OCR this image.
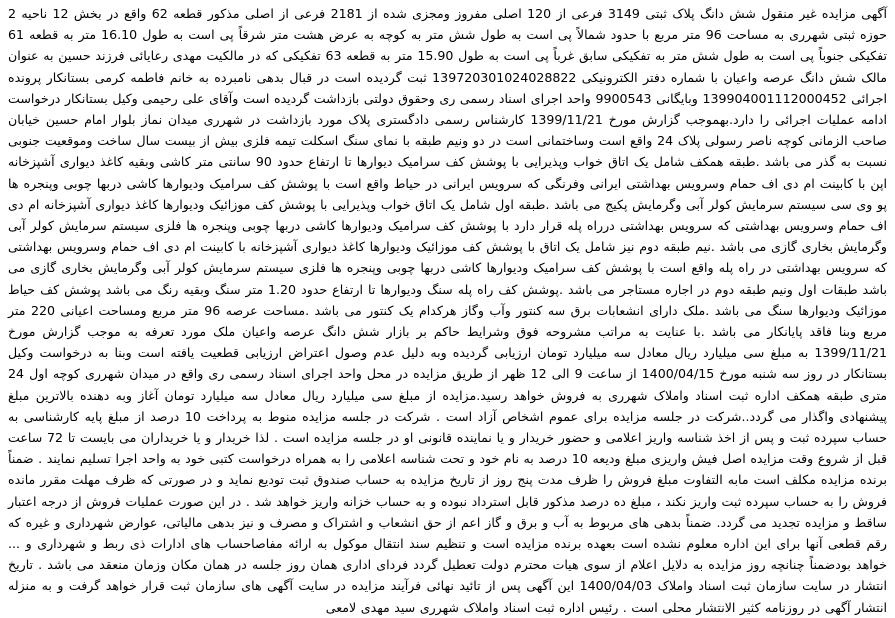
آگهی مزایده غیر منقول شش دانگ پلاک ثبتی 3149 فرعی از 120 اصلی مفروز ومجزی شده از 2181 فرعی از اصلی مذکور قطعه 62 واقع در بخش 12 ناحیه 2 حوزه ثبتی شهرری به مساحت 96 متر مربع با حدود شمالاً پی است به طول شش متر به کوچه به عرض هشت متر شرقاً پی است به طول 16.10 متر به قطعه 61 تفکیکی جنوباً پی است به طول شش متر به تفکیکی سابق غرباً پی است به طول 15.90 متر به قطعه 63 تفکیکی که در مالکیت مهدی رعایائی فرزند حسین به عنوان مالک شش دانگ عرصه واعیان با شماره دفتر الکترونیکی 139720301024028822 ثبت گردیده است در قبال بدهی نامبرده به خانم فاطمه کرمی بستانکار پرونده اجرائی 139904001112000452 وبایگانی 9900543 واحد اجرای اسناد رسمی ری وحقوق دولتی بازداشت گردیده است وآقای علی رحیمی وکیل بستانکار درخواست ادامه عملیات اجرائی را دارد.بهموجب گزارش مورخ 1399/11/21 کارشناس رسمی دادگستری پلاک مورد بازداشت در شهرری میدان نماز بلوار امام حسین خیابان صاحب الزمانی کوچه ناصر رسولی پلاک 24 واقع است وساختمانی است در دو ونیم طبقه با نمای سنگ اسکلت تیمه فلزی بیش از بیست سال ساخت وموقعیت جنوبی نسبت به گذر می باشد .طبقه همکف شامل یک اتاق خواب وپذیرایی با پوشش کف سرامیک دیوارها تا ارتفاع حدود 90 سانتی متر کاشی وبقیه کاغذ دیواری آشپزخانه اپن با کابینت ام دی اف حمام وسرویس بهداشتی ایرانی وفرنگی که سرویس ایرانی در حیاط واقع است با پوشش کف سرامیک ودیوارها کاشی دربها چوبی وپنجره ها پو وی سی سیستم سرمایش کولر آبی وگرمایش پکیج می باشد .طبقه اول شامل یک اتاق خواب وپذیرایی با پوشش کف موزائیک ودیوارها کاغذ دیواری آشپزخانه ام دی اف حمام وسرویس بهداشتی که سرویس بهداشتی درراه پله قرار دارد با پوشش کف سرامیک ودیوارها کاشی دربها چوبی وپنجره ها فلزی سیستم سرمایش کولر آبی وگرمایش بخاری گازی می باشد .نیم طبقه دوم نیز شامل یک اتاق با پوشش کف موزائیک ودیوارها کاغذ دیواری آشپزخانه با کابینت ام دی اف حمام وسرویس بهداشتی که سرویس بهداشتی در راه پله واقع است با پوشش کف سرامیک ودیوارها کاشی دربها چوبی وپنجره ها فلزی سیستم سرمایش کولر آبی وگرمایش بخاری گازی می باشد طبقات اول ونیم طبقه دوم در اجاره مستاجر می باشد .پوشش کف راه پله سنگ ودیوارها تا ارتفاع حدود 1.20 متر سنگ وبقیه رنگ می باشد پوشش کف حیاط موزائیک ودیوارها سنگ می باشد .ملک دارای انشعابات برق سه کنتور وآب وگاز هرکدام یک کنتور می باشد .مساحت عرصه 96 متر مربع ومساحت اعیانی 220 متر مربع وبنا فاقد پایانکار می باشد .با عنایت به مراتب مشروحه فوق وشرایط حاکم بر بازار شش دانگ عرصه واعیان ملک مورد تعرفه به موجب گزارش مورخ 1399/11/21 به مبلغ سی میلیارد ریال معادل سه میلیارد تومان ارزیابی گردیده وبه دلیل عدم وصول اعتراض ارزیابی قطعیت یافته است وبنا به درخواست وکیل بستانکار در روز سه شنبه مورخ 1400/04/15 از ساعت 9 الی 12 ظهر از طریق مزایده در محل واحد اجرای اسناد رسمی ری واقع در میدان شهرری کوچه اول 24 متری طبقه همکف اداره ثبت اسناد واملاک شهرری به فروش خواهد رسید.مزایده از مبلغ سی میلیارد ریال معادل سه میلیارد تومان آغاز وبه دهنده بالاترین مبلغ پیشنهادی واگذار می گردد..شرکت در جلسه مزایده برای عموم اشخاص آزاد است . شرکت در جلسه مزایده منوط به پرداخت 10 درصد از مبلغ پایه کارشناسی به حساب سپرده ثبت و پس از اخذ شناسه واریز اعلامی و حضور خریدار و یا نماینده قانونی او در جلسه مزایده است . لذا خریدار و یا خریداران می بایست تا 72 ساعت قبل از شروع وقت مزایده اصل فیش واریزی مبلغ ودیعه 10 درصد به نام خود و تحت شناسه اعلامی را به همراه درخواست کتبی خود به واحد اجرا تسلیم نمایند . ضمناً برنده مزایده مکلف است مابه التفاوت مبلغ فروش را ظرف مدت پنج روز از تاریخ مزایده به حساب صندوق ثبت تودیع نماید و در صورتی که ظرف مهلت مقرر مانده فروش را به حساب سپرده ثبت واریز نکند ، مبلغ ده درصد مذکور قابل استرداد نبوده و به حساب خزانه واریز خواهد شد . در این صورت عملیات فروش از درجه اعتبار ساقط و مزایده تجدید می گردد. ضمناً بدهی های مربوط به آب و برق و گاز اعم از حق انشعاب و اشتراک و مصرف و نیز بدهی مالیاتی، عوارض شهرداری و غیره که رقم قطعی آنها برای این اداره معلوم نشده است بعهده برنده مزایده است و تنظیم سند انتقال موکول به ارائه مفاصاحساب های ادارات ذی ربط و شهرداری و ... خواهد بودضمناً چنانچه روز مزایده به دلایل اعلام از سوی هیات محترم دولت تعطیل گردد فردای اداری همان روز جلسه در همان مکان وزمان منعقد می باشد . تاریخ انتشار در سایت سازمان ثبت اسناد واملاک 1400/04/03 این آگهی پس از تائید نهائی فرآیند مزایده در سایت آگهی های سازمان ثبت قرار خواهد گرفت و به منزله انتشار آگهی در روزنامه کثیر الانتشار محلی است . رئیس اداره ثبت اسناد واملاک شهرری سید مهدی لامعی
